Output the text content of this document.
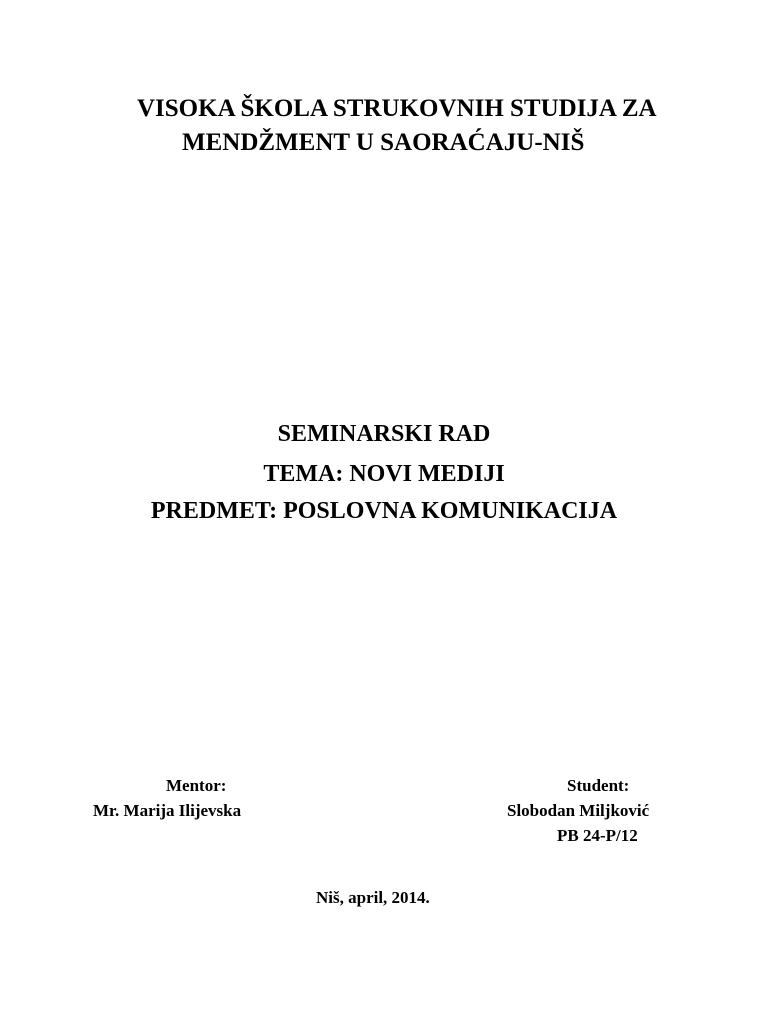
VISOKA ŠKOLA STRUKOVNIH STUDIJA ZA
MENDŽMENT U SAORAĆAJU-NIŠ
SEMINARSKI RAD
TEMA: NOVI MEDIJI
PREDMET: POSLOVNA KOMUNIKACIJA
Mentor:
Mr. Marija Ilijevska
Student:
Slobodan Miljković
PB 24-P/12
Niš, april, 2014.
